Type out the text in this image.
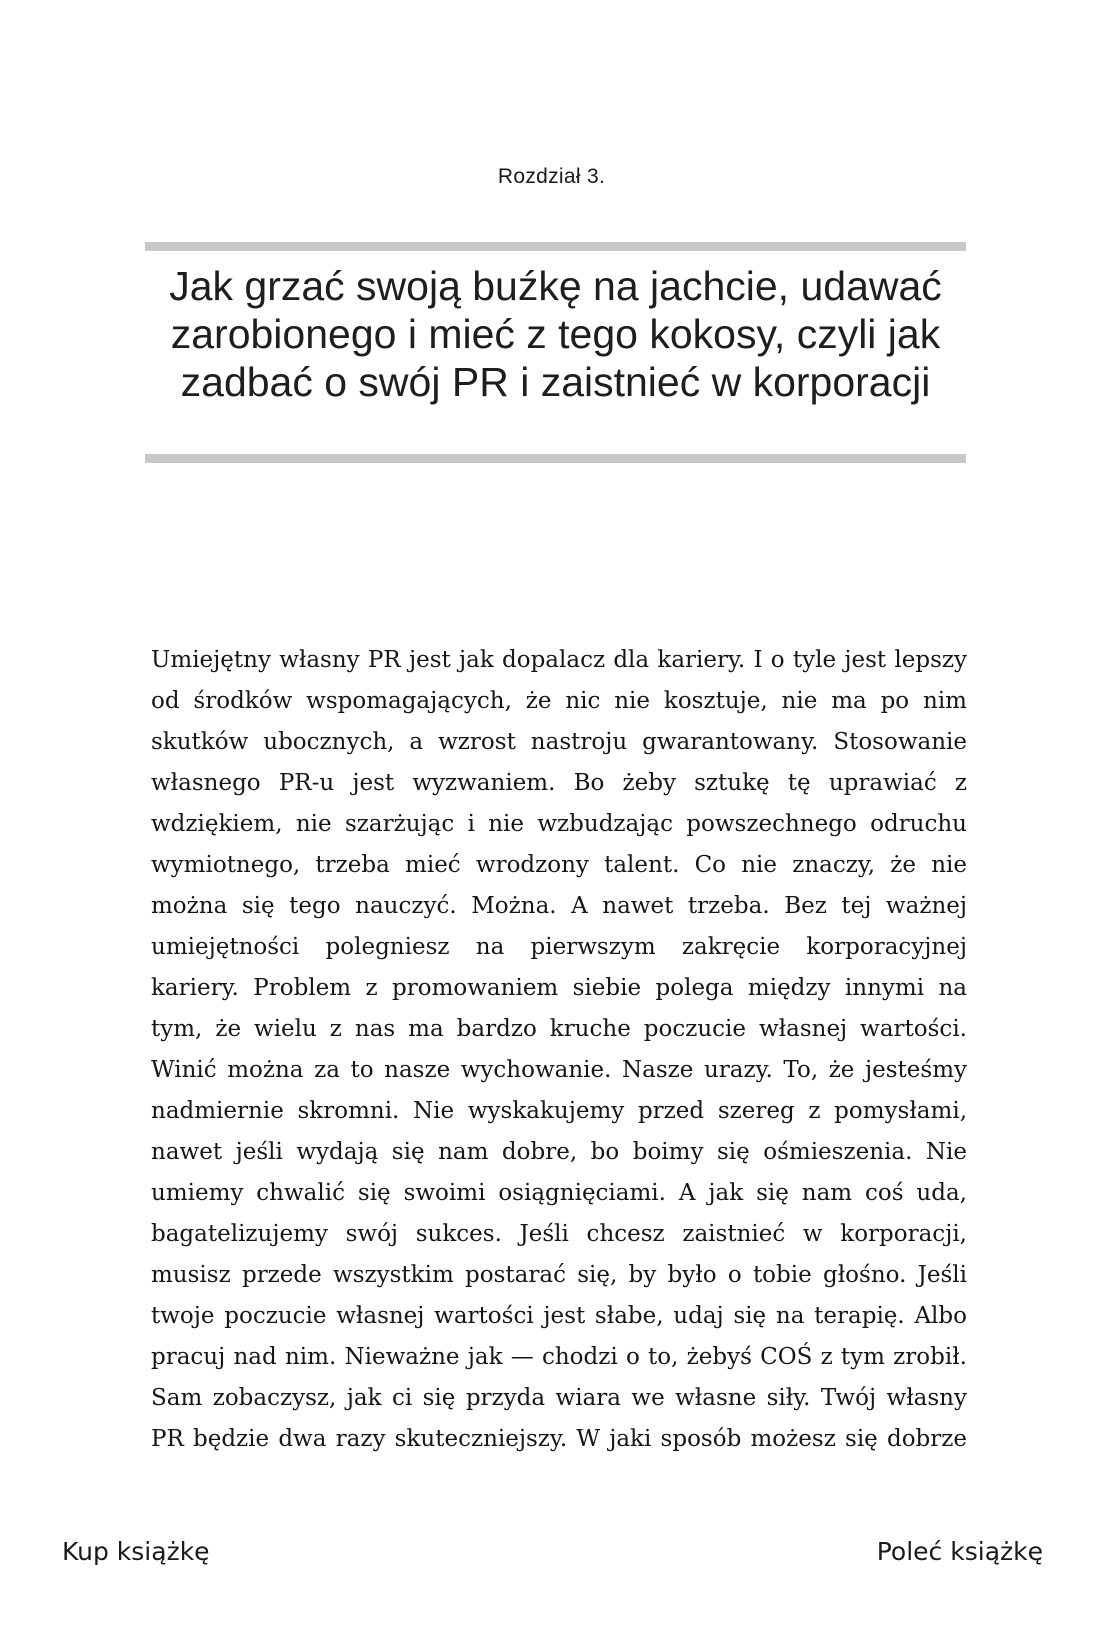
Rozdział 3.
Jak grzać swoją buźkę na jachcie, udawać zarobionego i mieć z tego kokosy, czyli jak zadbać o swój PR i zaistnieć w korporacji

Umiejętny własny PR jest jak dopalacz dla kariery. I o tyle jest lepszy od środków wspomagających, że nic nie kosztuje, nie ma po nim skutków ubocznych, a wzrost nastroju gwarantowany. Stosowanie własnego PR-u jest wyzwaniem. Bo żeby sztukę tę uprawiać z wdziękiem, nie szarżując i nie wzbudzając powszechnego odruchu wymiotnego, trzeba mieć wrodzony talent. Co nie znaczy, że nie można się tego nauczyć. Można. A nawet trzeba. Bez tej ważnej umiejętności polegniesz na pierwszym zakręcie korporacyjnej kariery. Problem z promowaniem siebie polega między innymi na tym, że wielu z nas ma bardzo kruche poczucie własnej wartości. Winić można za to nasze wychowanie. Nasze urazy. To, że jesteśmy nadmiernie skromni. Nie wyskakujemy przed szereg z pomysłami, nawet jeśli wydają się nam dobre, bo boimy się ośmieszenia. Nie umiemy chwalić się swoimi osiągnięciami. A jak się nam coś uda, bagatelizujemy swój sukces. Jeśli chcesz zaistnieć w korporacji, musisz przede wszystkim postarać się, by było o tobie głośno. Jeśli twoje poczucie własnej wartości jest słabe, udaj się na terapię. Albo pracuj nad nim. Nieważne jak — chodzi o to, żebyś COŚ z tym zrobił. Sam zobaczysz, jak ci się przyda wiara we własne siły. Twój własny PR będzie dwa razy skuteczniejszy. W jaki sposób możesz się dobrze

Kup książkę	Poleć książkę
